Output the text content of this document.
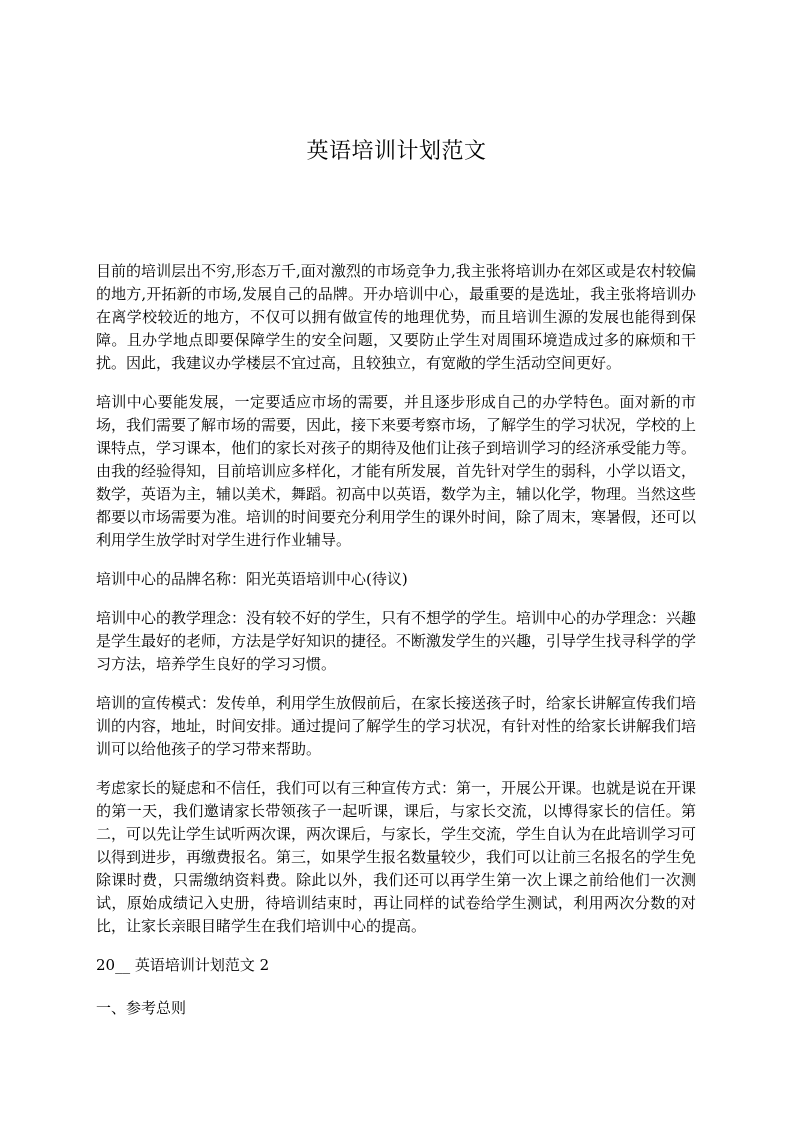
英语培训计划范文

目前的培训层出不穷,形态万千,面对激烈的市场竞争力,我主张将培训办在郊区或是农村较偏的地方,开拓新的市场,发展自己的品牌。开办培训中心，最重要的是选址，我主张将培训办在离学校较近的地方，不仅可以拥有做宣传的地理优势，而且培训生源的发展也能得到保障。且办学地点即要保障学生的安全问题，又要防止学生对周围环境造成过多的麻烦和干扰。因此，我建议办学楼层不宜过高，且较独立，有宽敞的学生活动空间更好。

培训中心要能发展，一定要适应市场的需要，并且逐步形成自己的办学特色。面对新的市场，我们需要了解市场的需要，因此，接下来要考察市场，了解学生的学习状况，学校的上课特点，学习课本，他们的家长对孩子的期待及他们让孩子到培训学习的经济承受能力等。由我的经验得知，目前培训应多样化，才能有所发展，首先针对学生的弱科，小学以语文，数学，英语为主，辅以美术，舞蹈。初高中以英语，数学为主，辅以化学，物理。当然这些都要以市场需要为准。培训的时间要充分利用学生的课外时间，除了周末，寒暑假，还可以利用学生放学时对学生进行作业辅导。

培训中心的品牌名称：阳光英语培训中心(待议)

培训中心的教学理念：没有较不好的学生，只有不想学的学生。培训中心的办学理念：兴趣是学生最好的老师，方法是学好知识的捷径。不断激发学生的兴趣，引导学生找寻科学的学习方法，培养学生良好的学习习惯。

培训的宣传模式：发传单，利用学生放假前后，在家长接送孩子时，给家长讲解宣传我们培训的内容，地址，时间安排。通过提问了解学生的学习状况，有针对性的给家长讲解我们培训可以给他孩子的学习带来帮助。

考虑家长的疑虑和不信任，我们可以有三种宣传方式：第一，开展公开课。也就是说在开课的第一天，我们邀请家长带领孩子一起听课，课后，与家长交流，以博得家长的信任。第二，可以先让学生试听两次课，两次课后，与家长，学生交流，学生自认为在此培训学习可以得到进步，再缴费报名。第三，如果学生报名数量较少，我们可以让前三名报名的学生免除课时费，只需缴纳资料费。除此以外，我们还可以再学生第一次上课之前给他们一次测试，原始成绩记入史册，待培训结束时，再让同样的试卷给学生测试，利用两次分数的对比，让家长亲眼目睹学生在我们培训中心的提高。

20__ 英语培训计划范文 2

一、参考总则
